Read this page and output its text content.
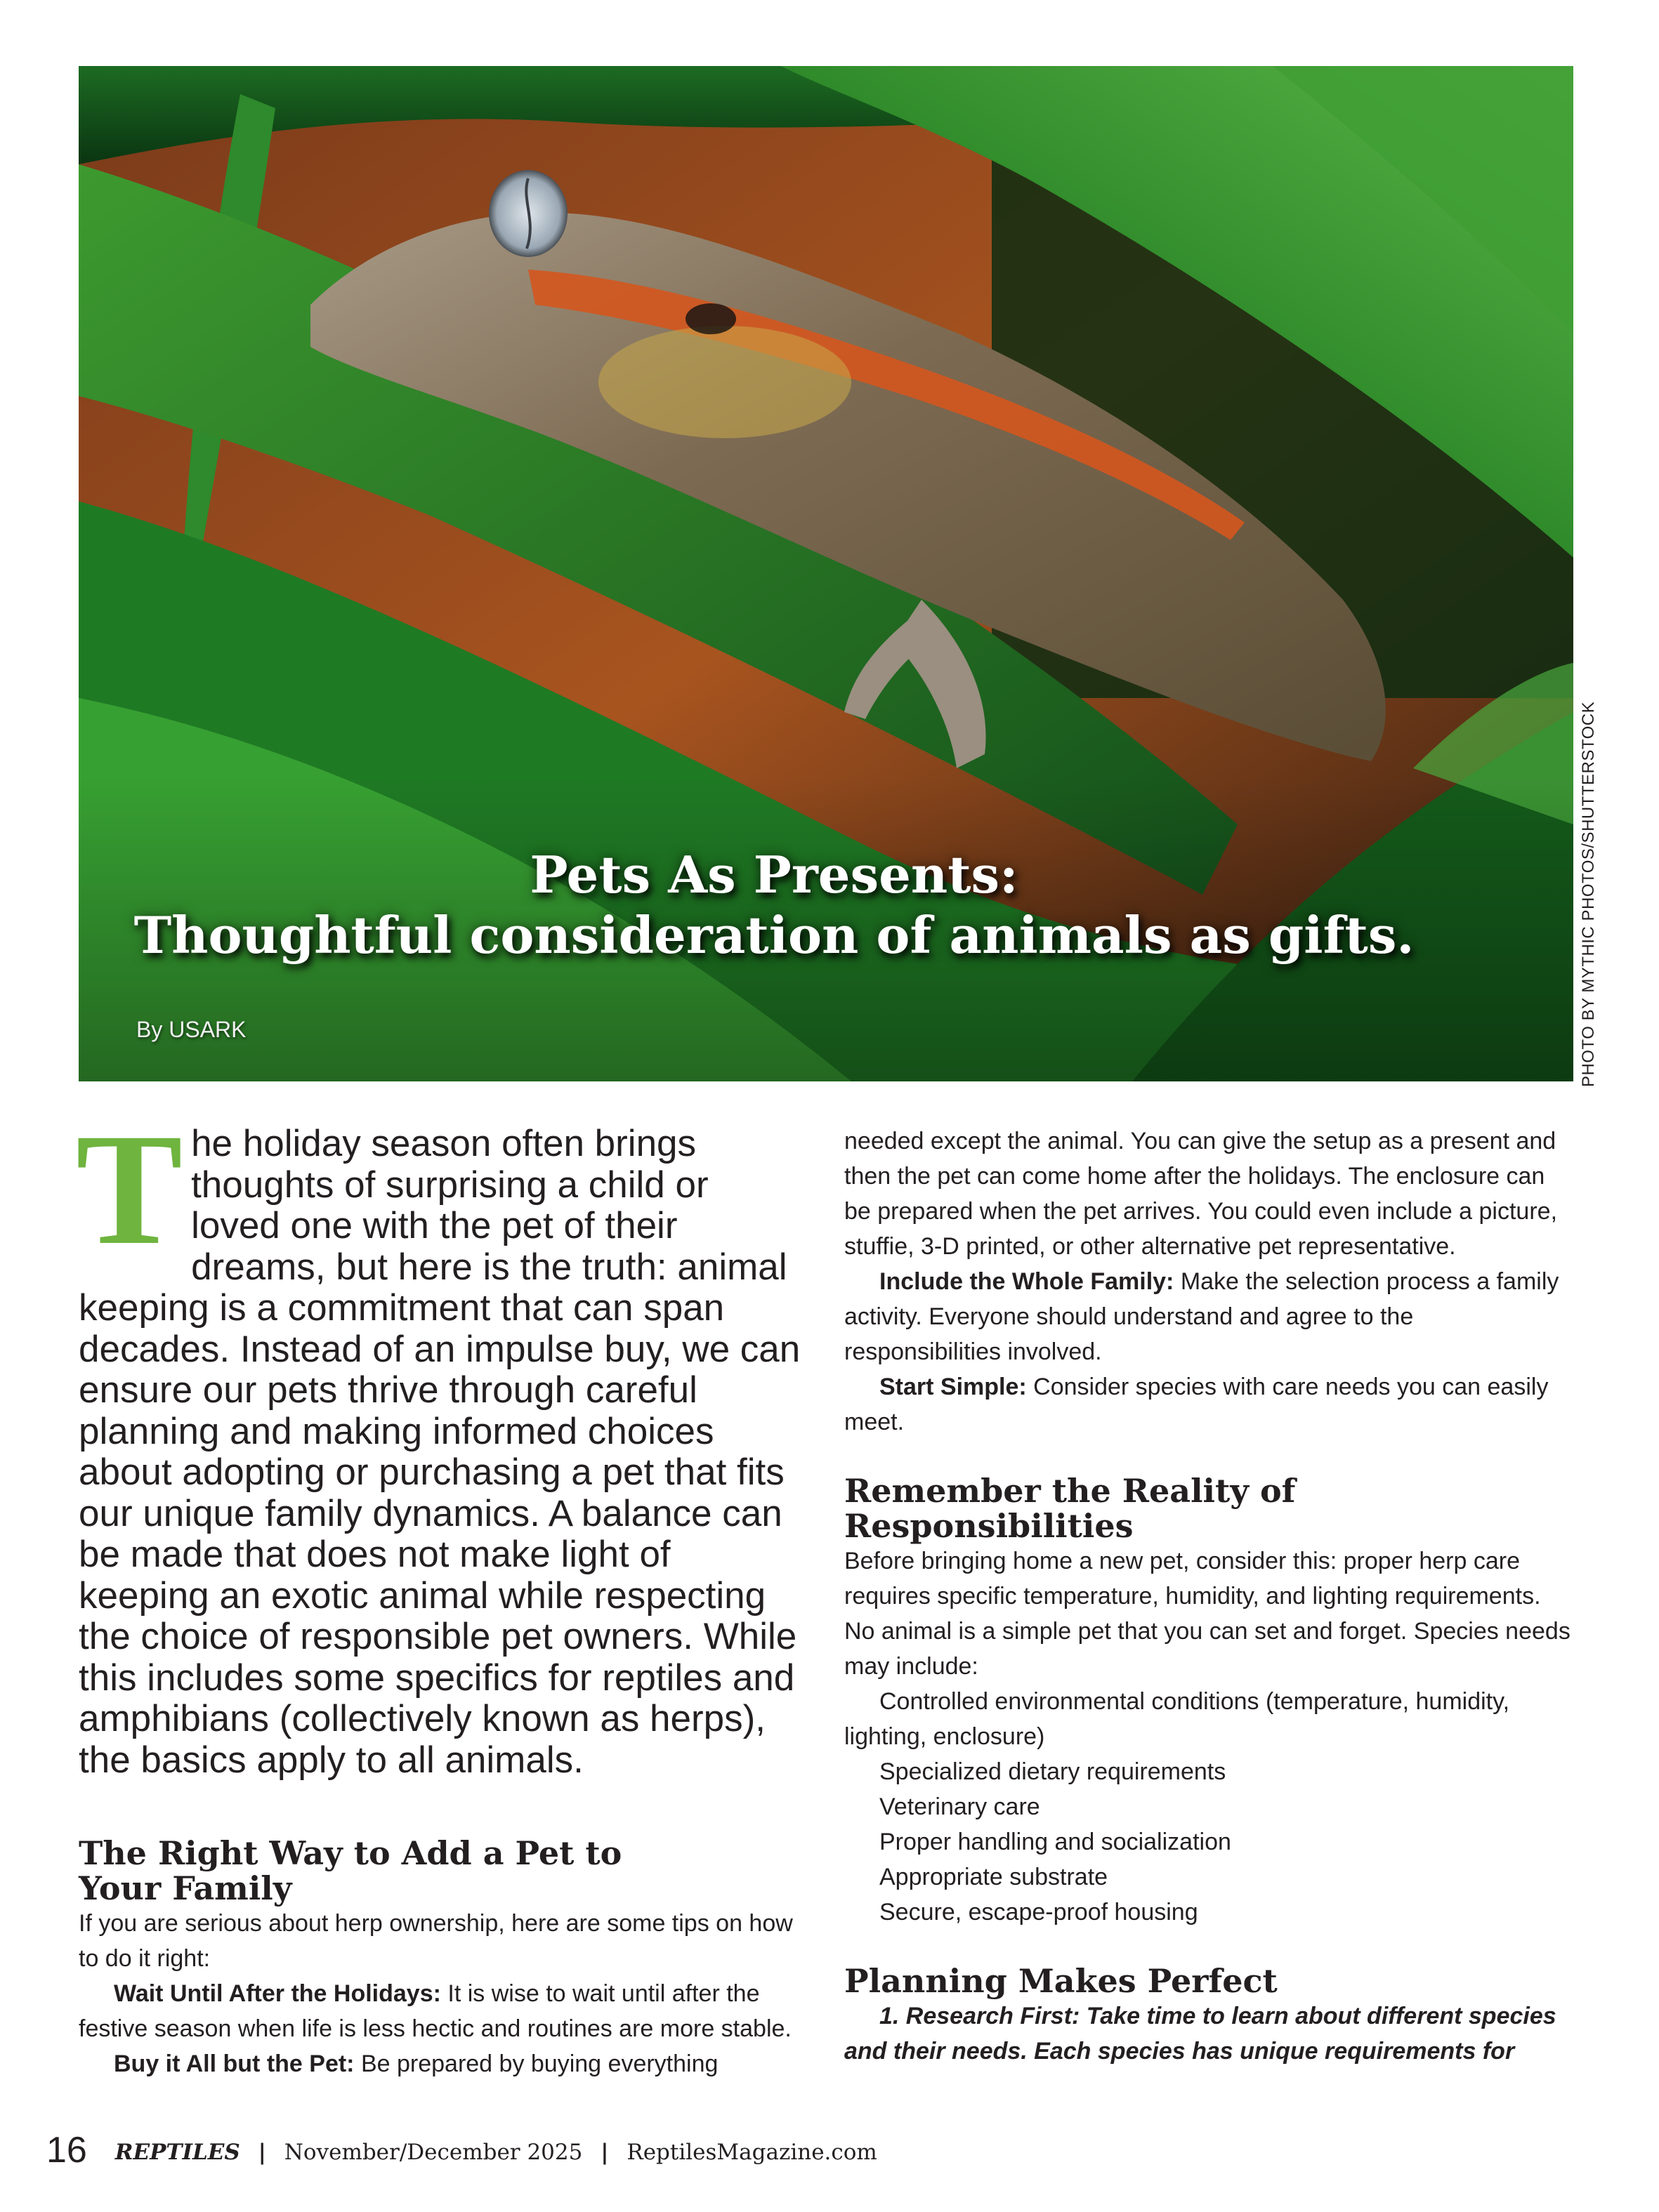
Pets As Presents:
Thoughtful consideration of animals as gifts.
By USARK	PHOTO BY MYTHIC PHOTOS/SHUTTERSTOCK
T he holiday season often brings
thoughts of surprising a child or
loved one with the pet of their
dreams, but here is the truth: animal keeping is a commitment that can span decades. Instead of an impulse buy, we can ensure our pets thrive through careful planning and making informed choices about adopting or purchasing a pet that fits our unique family dynamics. A balance can be made that does not make light of keeping an exotic animal while respecting the choice of responsible pet owners. While this includes some specifics for reptiles and amphibians (collectively known as herps), the basics apply to all animals.
The Right Way to Add a Pet to
Your Family

If you are serious about herp ownership, here are some tips on how to do it right:

Wait Until After the Holidays: It is wise to wait until after the festive season when life is less hectic and routines are more stable.

Buy it All but the Pet: Be prepared by buying everything

needed except the animal. You can give the setup as a present and then the pet can come home after the holidays. The enclosure can be prepared when the pet arrives. You could even include a picture, stuffie, 3-D printed, or other alternative pet representative.

Include the Whole Family: Make the selection process a family activity. Everyone should understand and agree to the responsibilities involved.

Start Simple: Consider species with care needs you can easily meet.

Remember the Reality of
Responsibilities

Before bringing home a new pet, consider this: proper herp care requires specific temperature, humidity, and lighting requirements. No animal is a simple pet that you can set and forget. Species needs may include:

Controlled environmental conditions (temperature, humidity, lighting, enclosure)

Specialized dietary requirements

Veterinary care

Proper handling and socialization

Appropriate substrate

Secure, escape-proof housing

Planning Makes Perfect

1. Research First: Take time to learn about different species and their needs. Each species has unique requirements for

16 REPTILES | November/December 2025 | ReptilesMagazine.com
